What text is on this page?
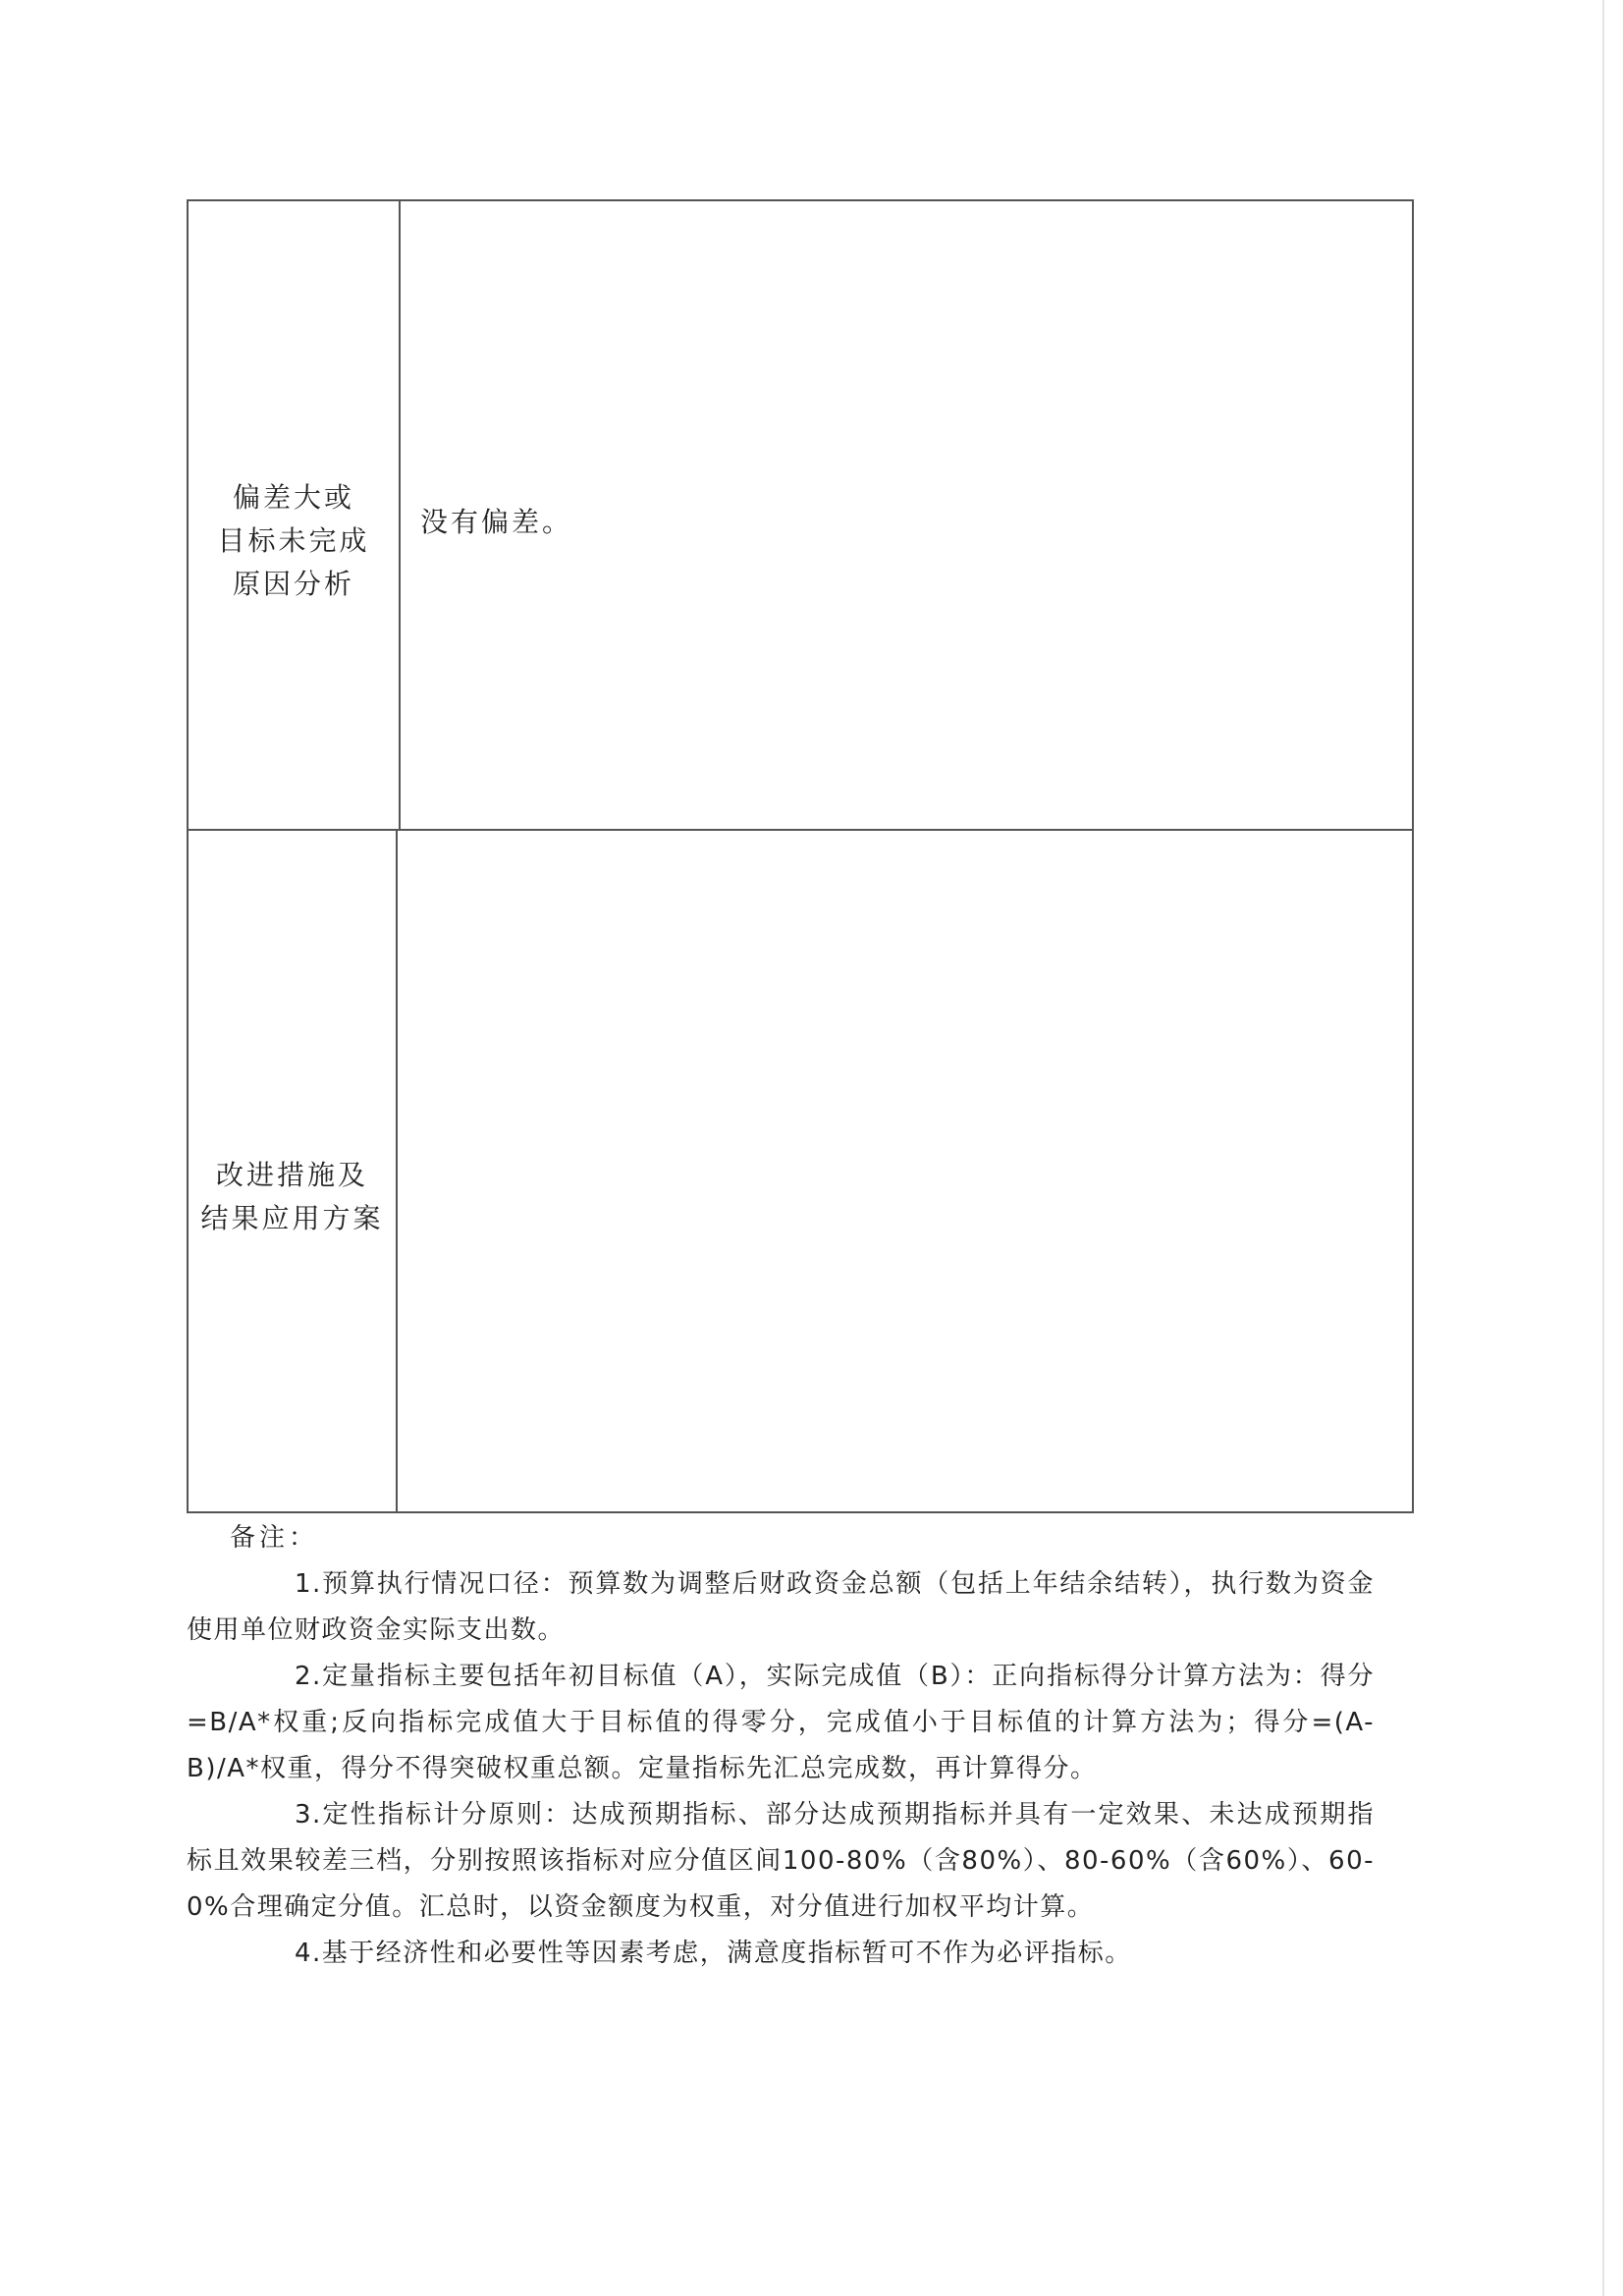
偏差大或
目标未完成
原因分析
没有偏差。
改进措施及
结果应用方案
备注：
1.预算执行情况口径：预算数为调整后财政资金总额（包括上年结余结转），执行数为资金使用单位财政资金实际支出数。
2.定量指标主要包括年初目标值（A），实际完成值（B）：正向指标得分计算方法为：得分=B/A*权重;反向指标完成值大于目标值的得零分，完成值小于目标值的计算方法为；得分=(A-B)/A*权重，得分不得突破权重总额。定量指标先汇总完成数，再计算得分。
3.定性指标计分原则：达成预期指标、部分达成预期指标并具有一定效果、未达成预期指标且效果较差三档，分别按照该指标对应分值区间100-80%（含80%）、80-60%（含60%）、60-0%合理确定分值。汇总时，以资金额度为权重，对分值进行加权平均计算。
4.基于经济性和必要性等因素考虑，满意度指标暂可不作为必评指标。
